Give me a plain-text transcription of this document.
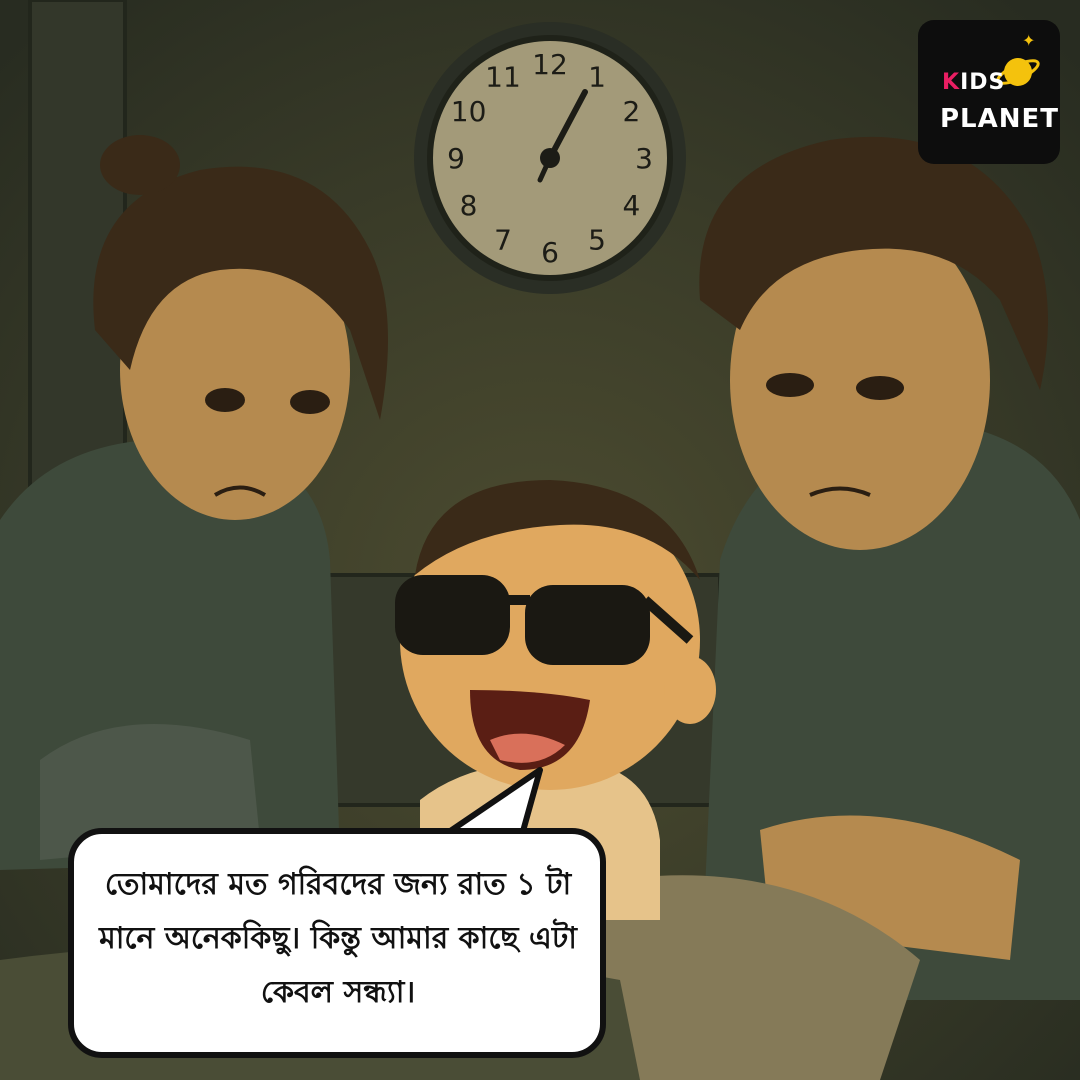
12 1
2
3
4
5
6
7
8
9
10
11
✦
KIDS
PLANET
তোমাদের মত গরিবদের জন্য রাত ১ টা মানে অনেককিছু। কিন্তু আমার কাছে এটা কেবল সন্ধ্যা।
